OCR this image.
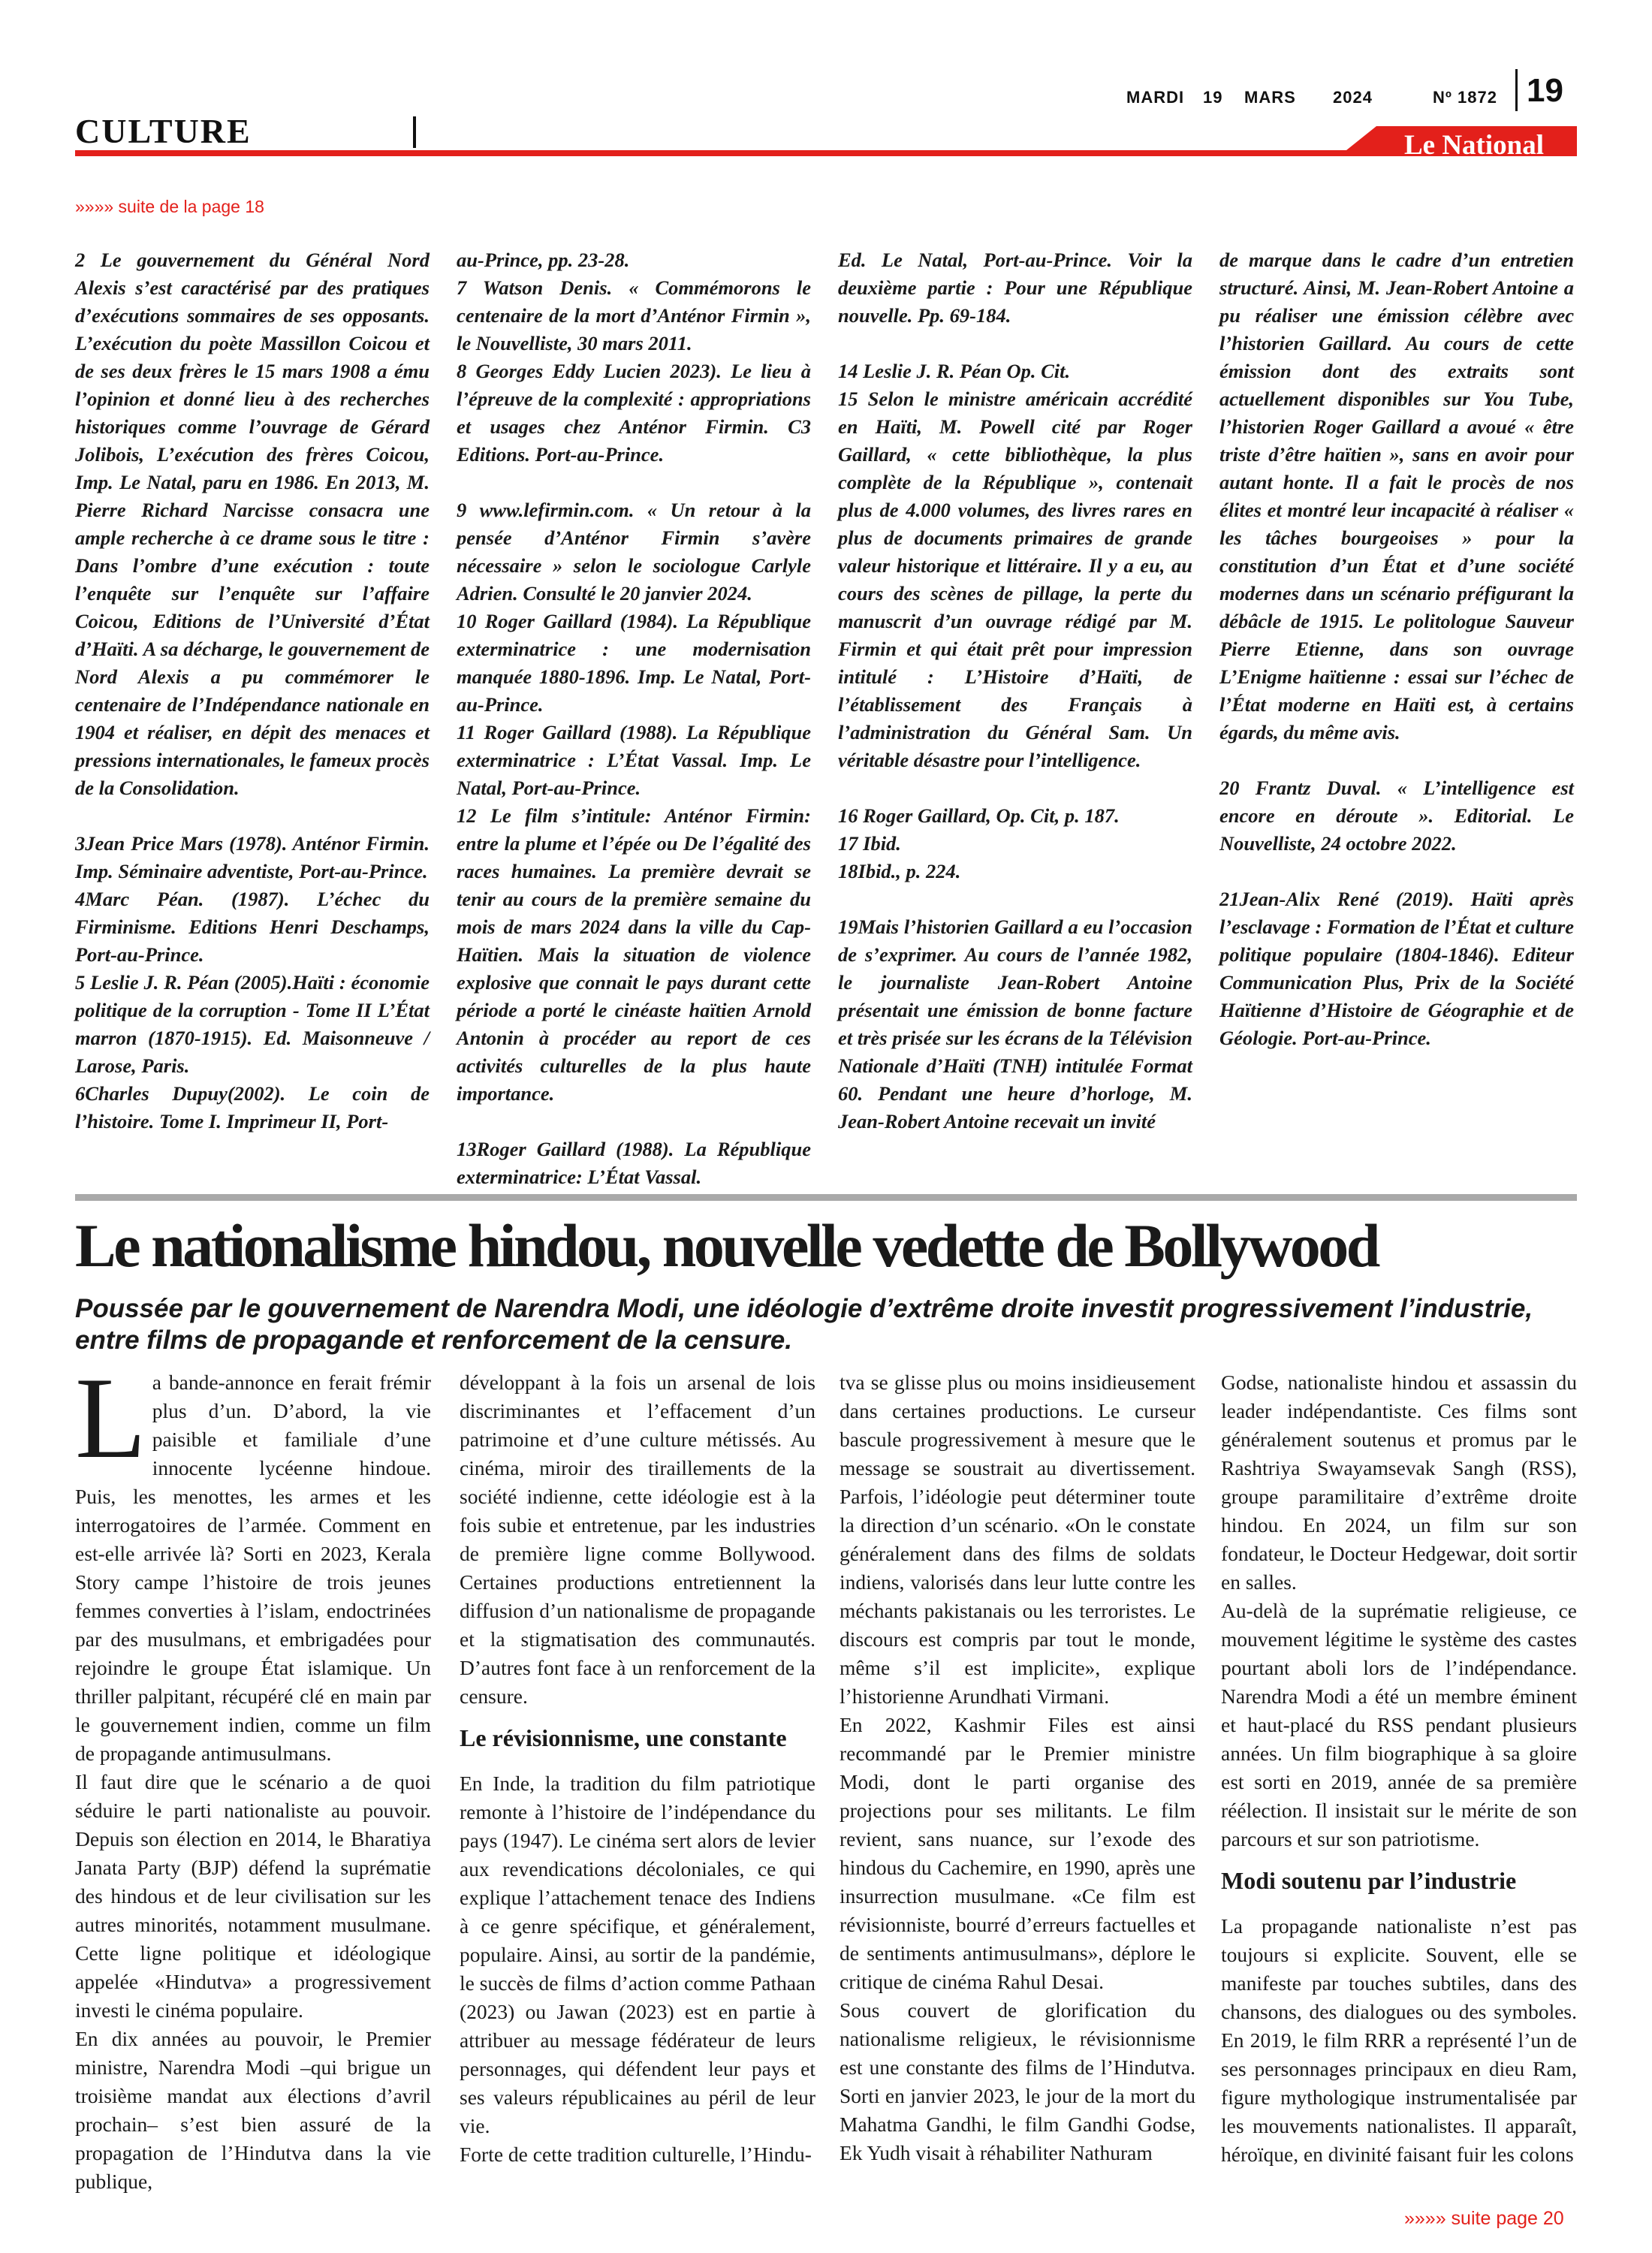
MARDI 19 MARS 2024	Nº 1872 19
CULTURE	Le National
»»»» suite de la page 18

2 Le gouvernement du Général Nord Alexis s’est caractérisé par des pratiques d’exécutions sommaires de ses opposants. L’exécution du poète Massillon Coicou et de ses deux frères le 15 mars 1908 a ému l’opinion et donné lieu à des recherches historiques comme l’ouvrage de Gérard Jolibois, L’exécution des frères Coicou, Imp. Le Natal, paru en 1986. En 2013, M. Pierre Richard Narcisse consacra une ample recherche à ce drame sous le titre : Dans l’ombre d’une exécution : toute l’enquête sur l’enquête sur l’affaire Coicou, Editions de l’Université d’État d’Haïti. A sa décharge, le gouvernement de Nord Alexis a pu commémorer le centenaire de l’Indépendance nationale en 1904 et réaliser, en dépit des menaces et pressions internationales, le fameux procès de la Consolidation.

3Jean Price Mars (1978). Anténor Firmin. Imp. Séminaire adventiste, Port-au-Prince.

4Marc Péan. (1987). L’échec du Firminisme. Editions Henri Deschamps, Port-au-Prince.

5 Leslie J. R. Péan (2005).Haïti : économie politique de la corruption - Tome II L’État marron (1870-1915). Ed. Maisonneuve / Larose, Paris.

6Charles Dupuy(2002). Le coin de l’histoire. Tome I. Imprimeur II, Port-

au-Prince, pp. 23-28.

7 Watson Denis. « Commémorons le centenaire de la mort d’Anténor Firmin », le Nouvelliste, 30 mars 2011.

8 Georges Eddy Lucien 2023). Le lieu à l’épreuve de la complexité : appropriations et usages chez Anténor Firmin. C3 Editions. Port-au-Prince.

9 www.lefirmin.com. « Un retour à la pensée d’Anténor Firmin s’avère nécessaire » selon le sociologue Carlyle Adrien. Consulté le 20 janvier 2024.

10 Roger Gaillard (1984). La République exterminatrice : une modernisation manquée 1880-1896. Imp. Le Natal, Port-au-Prince.

11 Roger Gaillard (1988). La République exterminatrice : L’État Vassal. Imp. Le Natal, Port-au-Prince.

12 Le film s’intitule: Anténor Firmin: entre la plume et l’épée ou De l’égalité des races humaines. La première devrait se tenir au cours de la première semaine du mois de mars 2024 dans la ville du Cap-Haïtien. Mais la situation de violence explosive que connait le pays durant cette période a porté le cinéaste haïtien Arnold Antonin à procéder au report de ces activités culturelles de la plus haute importance.

13Roger Gaillard (1988). La République exterminatrice: L’État Vassal.

Ed. Le Natal, Port-au-Prince. Voir la deuxième partie : Pour une République nouvelle. Pp. 69-184.

14 Leslie J. R. Péan Op. Cit.

15 Selon le ministre américain accrédité en Haïti, M. Powell cité par Roger Gaillard, « cette bibliothèque, la plus complète de la République », contenait plus de 4.000 volumes, des livres rares en plus de documents primaires de grande valeur historique et littéraire. Il y a eu, au cours des scènes de pillage, la perte du manuscrit d’un ouvrage rédigé par M. Firmin et qui était prêt pour impression intitulé : L’Histoire d’Haïti, de l’établissement des Français à l’administration du Général Sam. Un véritable désastre pour l’intelligence.

16 Roger Gaillard, Op. Cit, p. 187.

17 Ibid.

18Ibid., p. 224.

19Mais l’historien Gaillard a eu l’occasion de s’exprimer. Au cours de l’année 1982, le journaliste Jean-Robert Antoine présentait une émission de bonne facture et très prisée sur les écrans de la Télévision Nationale d’Haïti (TNH) intitulée Format 60. Pendant une heure d’horloge, M. Jean-Robert Antoine recevait un invité

de marque dans le cadre d’un entretien structuré. Ainsi, M. Jean-Robert Antoine a pu réaliser une émission célèbre avec l’historien Gaillard. Au cours de cette émission dont des extraits sont actuellement disponibles sur You Tube, l’historien Roger Gaillard a avoué « être triste d’être haïtien », sans en avoir pour autant honte. Il a fait le procès de nos élites et montré leur incapacité à réaliser « les tâches bourgeoises » pour la constitution d’un État et d’une société modernes dans un scénario préfigurant la débâcle de 1915. Le politologue Sauveur Pierre Etienne, dans son ouvrage L’Enigme haïtienne : essai sur l’échec de l’État moderne en Haïti est, à certains égards, du même avis.

20 Frantz Duval. « L’intelligence est encore en déroute ». Editorial. Le Nouvelliste, 24 octobre 2022.

21Jean-Alix René (2019). Haïti après l’esclavage : Formation de l’État et culture politique populaire (1804-1846). Editeur Communication Plus, Prix de la Société Haïtienne d’Histoire de Géographie et de Géologie. Port-au-Prince.

Le nationalisme hindou, nouvelle vedette de Bollywood
Poussée par le gouvernement de Narendra Modi, une idéologie d’extrême droite investit progressivement l’industrie, entre films de propagande et renforcement de la censure.

La bande-annonce en ferait frémir plus d’un. D’abord, la vie paisible et familiale d’une innocente lycéenne hindoue. Puis, les menottes, les armes et les interrogatoires de l’armée. Comment en est-elle arrivée là? Sorti en 2023, Kerala Story campe l’histoire de trois jeunes femmes converties à l’islam, endoctrinées par des musulmans, et embrigadées pour rejoindre le groupe État islamique. Un thriller palpitant, récupéré clé en main par le gouvernement indien, comme un film de propagande antimusulmans.

Il faut dire que le scénario a de quoi séduire le parti nationaliste au pouvoir. Depuis son élection en 2014, le Bharatiya Janata Party (BJP) défend la suprématie des hindous et de leur civilisation sur les autres minorités, notamment musulmane. Cette ligne politique et idéologique appelée «Hindutva» a progressivement investi le cinéma populaire.

En dix années au pouvoir, le Premier ministre, Narendra Modi –qui brigue un troisième mandat aux élections d’avril prochain– s’est bien assuré de la propagation de l’Hindutva dans la vie publique,

développant à la fois un arsenal de lois discriminantes et l’effacement d’un patrimoine et d’une culture métissés. Au cinéma, miroir des tiraillements de la société indienne, cette idéologie est à la fois subie et entretenue, par les industries de première ligne comme Bollywood. Certaines productions entretiennent la diffusion d’un nationalisme de propagande et la stigmatisation des communautés. D’autres font face à un renforcement de la censure.

Le révisionnisme, une constante

En Inde, la tradition du film patriotique remonte à l’histoire de l’indépendance du pays (1947). Le cinéma sert alors de levier aux revendications décoloniales, ce qui explique l’attachement tenace des Indiens à ce genre spécifique, et généralement, populaire. Ainsi, au sortir de la pandémie, le succès de films d’action comme Pathaan (2023) ou Jawan (2023) est en partie à attribuer au message fédérateur de leurs personnages, qui défendent leur pays et ses valeurs républicaines au péril de leur vie.

Forte de cette tradition culturelle, l’Hindu-

tva se glisse plus ou moins insidieusement dans certaines productions. Le curseur bascule progressivement à mesure que le message se soustrait au divertissement. Parfois, l’idéologie peut déterminer toute la direction d’un scénario. «On le constate généralement dans des films de soldats indiens, valorisés dans leur lutte contre les méchants pakistanais ou les terroristes. Le discours est compris par tout le monde, même s’il est implicite», explique l’historienne Arundhati Virmani.

En 2022, Kashmir Files est ainsi recommandé par le Premier ministre Modi, dont le parti organise des projections pour ses militants. Le film revient, sans nuance, sur l’exode des hindous du Cachemire, en 1990, après une insurrection musulmane. «Ce film est révisionniste, bourré d’erreurs factuelles et de sentiments antimusulmans», déplore le critique de cinéma Rahul Desai.

Sous couvert de glorification du nationalisme religieux, le révisionnisme est une constante des films de l’Hindutva. Sorti en janvier 2023, le jour de la mort du Mahatma Gandhi, le film Gandhi Godse, Ek Yudh visait à réhabiliter Nathuram

Godse, nationaliste hindou et assassin du leader indépendantiste. Ces films sont généralement soutenus et promus par le Rashtriya Swayamsevak Sangh (RSS), groupe paramilitaire d’extrême droite hindou. En 2024, un film sur son fondateur, le Docteur Hedgewar, doit sortir en salles.

Au-delà de la suprématie religieuse, ce mouvement légitime le système des castes pourtant aboli lors de l’indépendance. Narendra Modi a été un membre éminent et haut-placé du RSS pendant plusieurs années. Un film biographique à sa gloire est sorti en 2019, année de sa première réélection. Il insistait sur le mérite de son parcours et sur son patriotisme.

Modi soutenu par l’industrie

La propagande nationaliste n’est pas toujours si explicite. Souvent, elle se manifeste par touches subtiles, dans des chansons, des dialogues ou des symboles. En 2019, le film RRR a représenté l’un de ses personnages principaux en dieu Ram, figure mythologique instrumentalisée par les mouvements nationalistes. Il apparaît, héroïque, en divinité faisant fuir les colons

»»»» suite page 20
